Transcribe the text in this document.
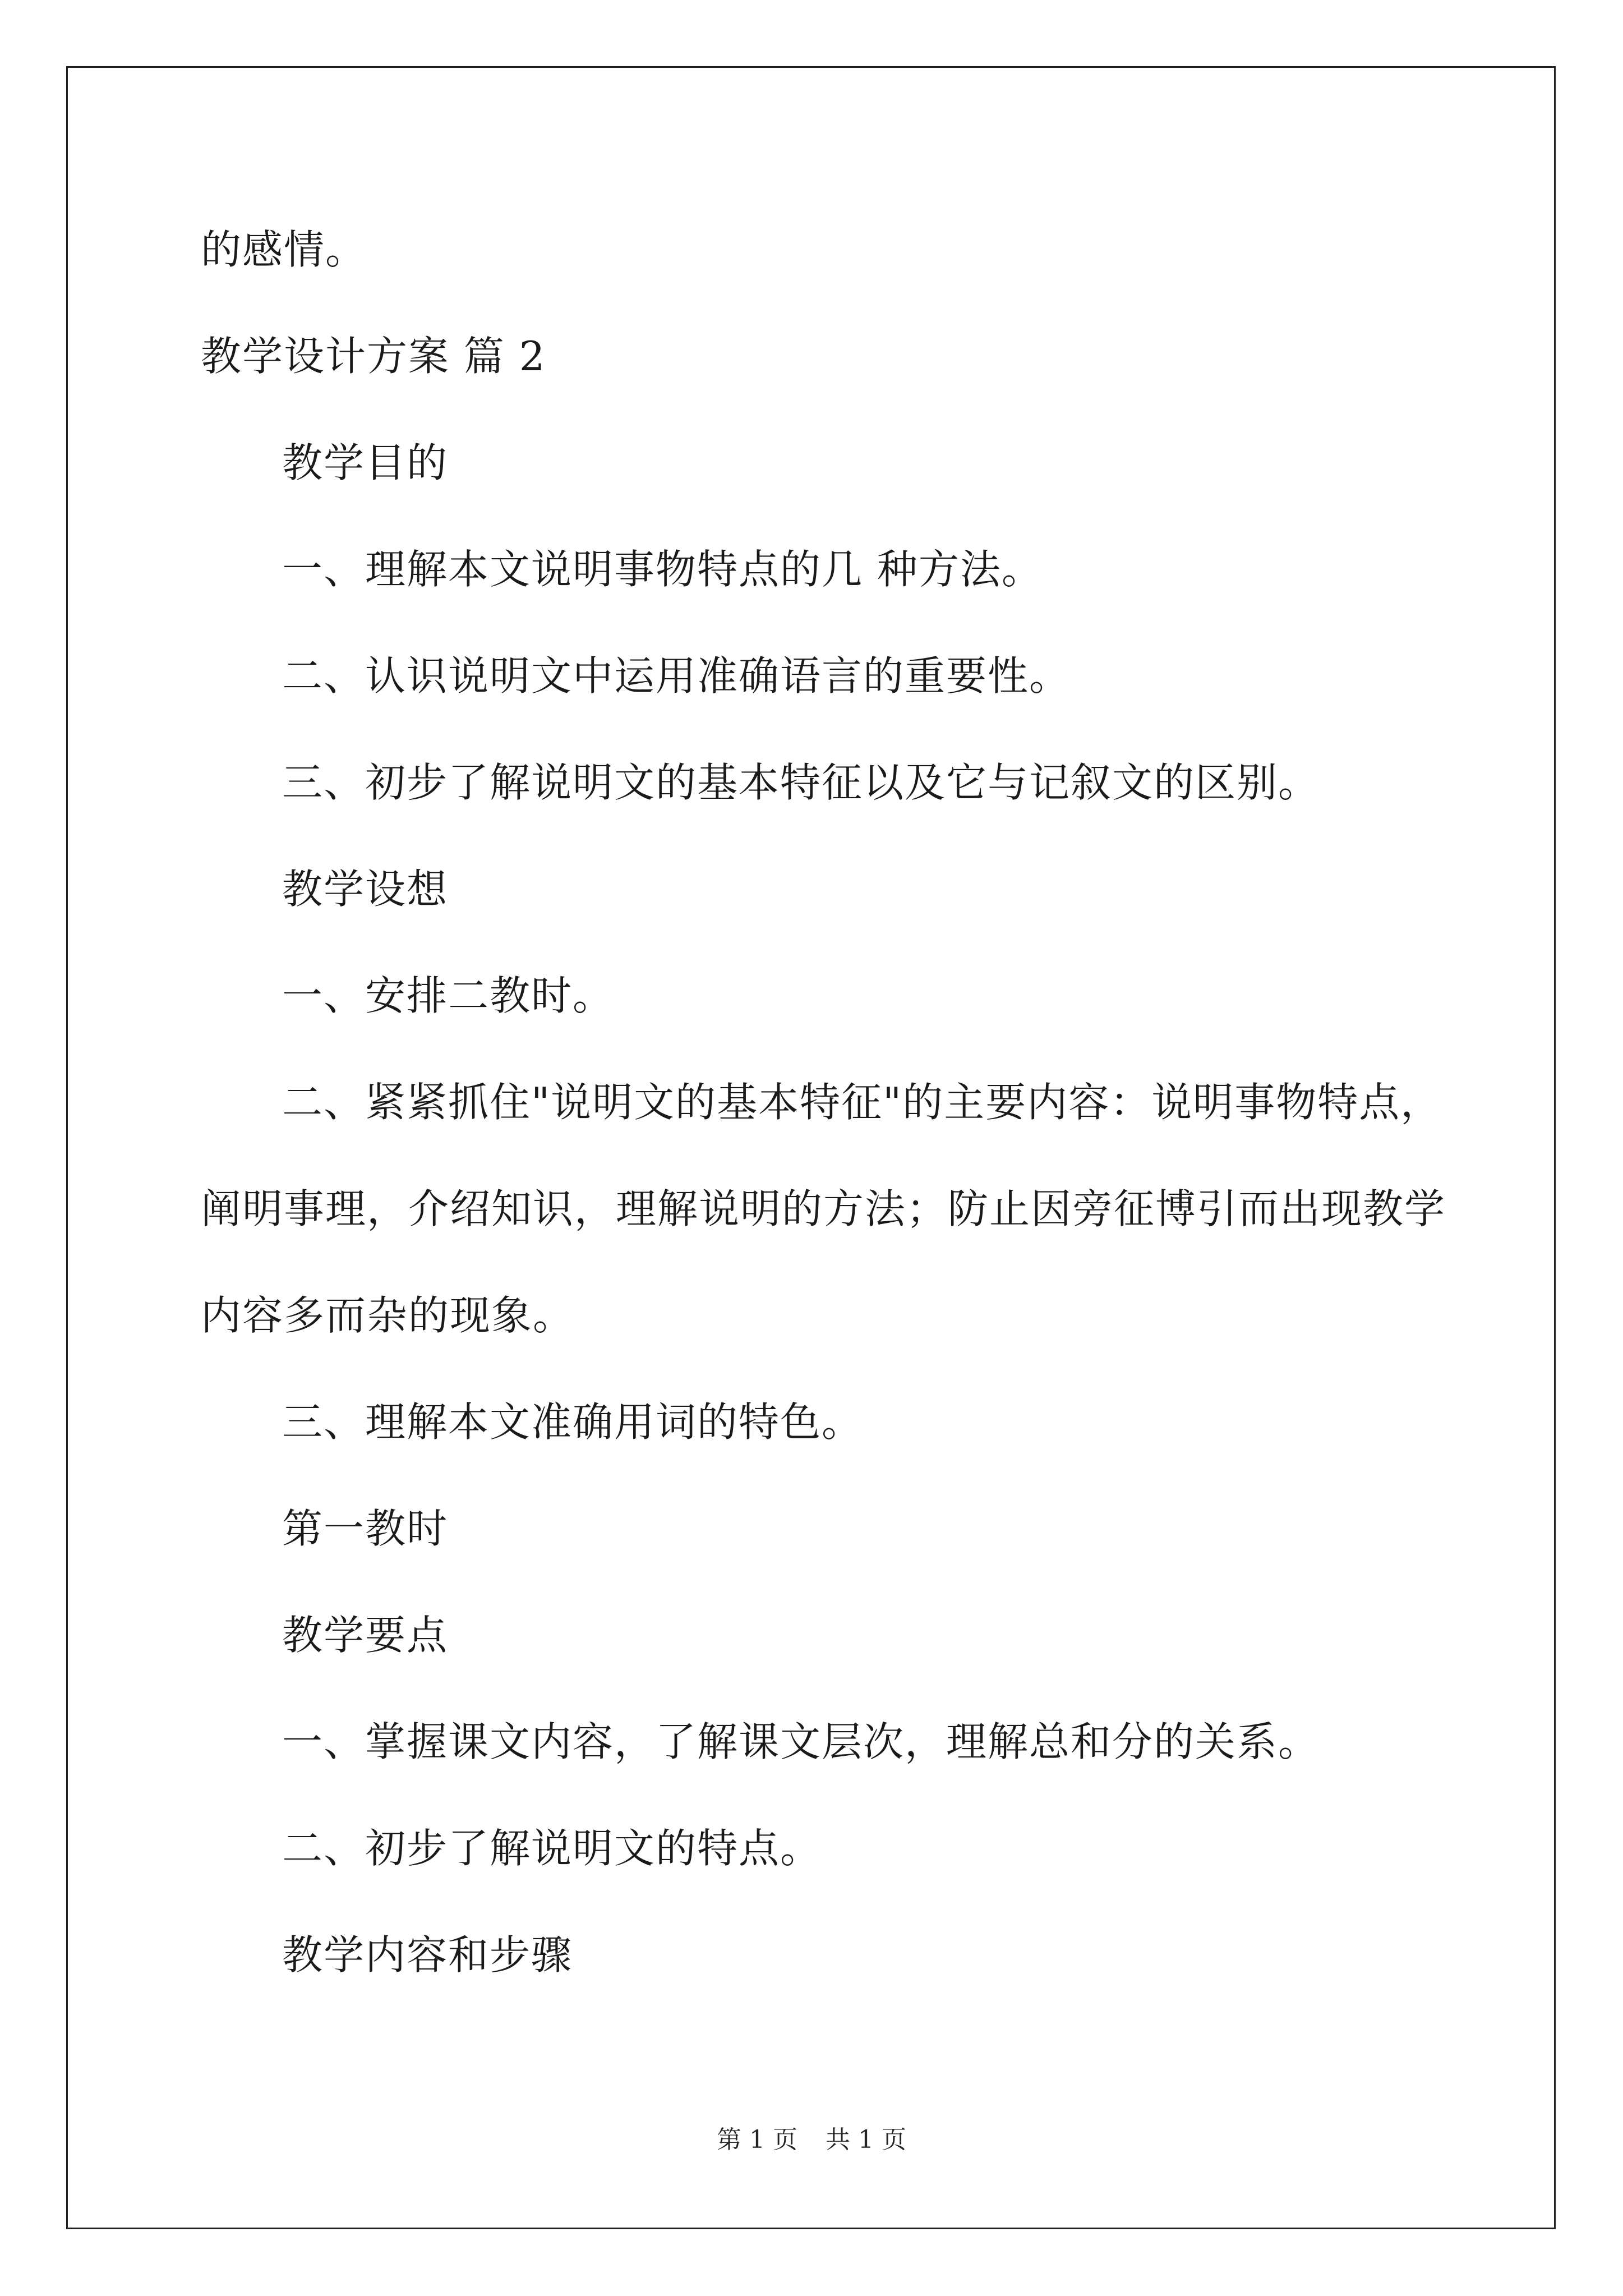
的感情。
教学设计方案 篇 2
教学目的
一、理解本文说明事物特点的几 种方法。
二、认识说明文中运用准确语言的重要性。
三、初步了解说明文的基本特征以及它与记叙文的区别。
教学设想
一、安排二教时。
二、紧紧抓住"说明文的基本特征"的主要内容：说明事物特点，
阐明事理，介绍知识，理解说明的方法；防止因旁征博引而出现教学
内容多而杂的现象。
三、理解本文准确用词的特色。
第一教时
教学要点
一、掌握课文内容，了解课文层次，理解总和分的关系。
二、初步了解说明文的特点。
教学内容和步骤
第 1 页 共 1 页
